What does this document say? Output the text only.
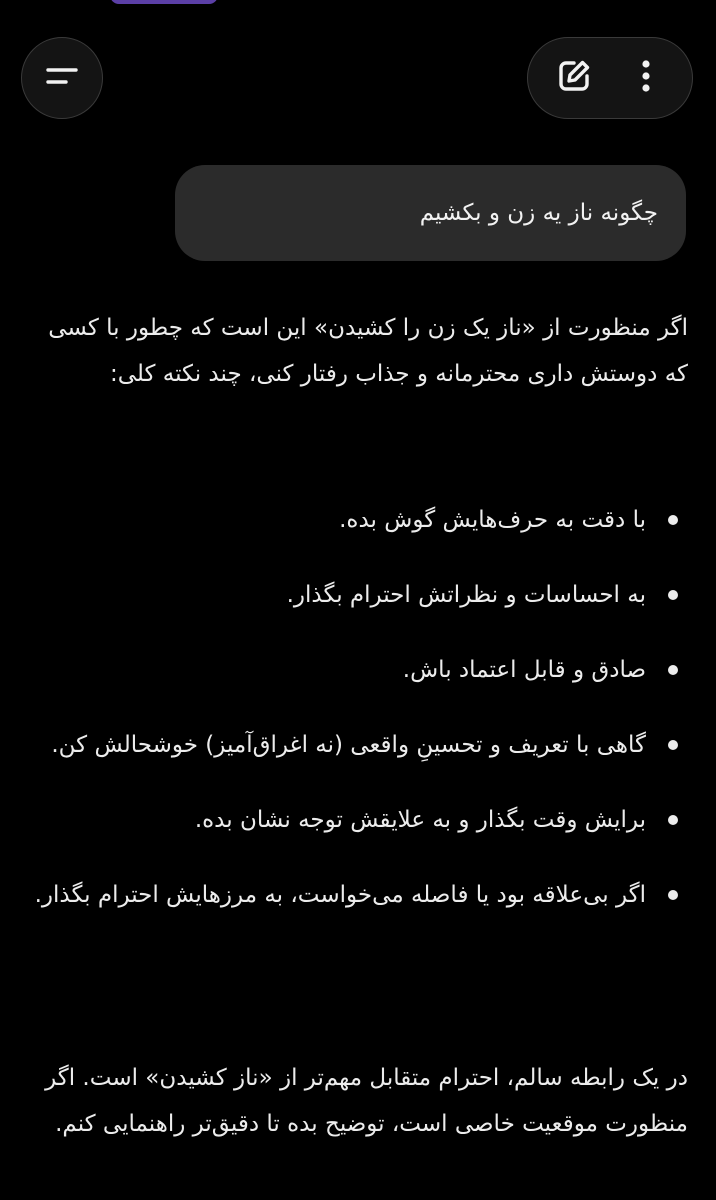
چگونه ناز یه زن و بکشیم
اگر منظورت از «ناز یک زن را کشیدن» این است که چطور با کسی که دوستش داری محترمانه و جذاب رفتار کنی، چند نکته کلی:
با دقت به حرف‌هایش گوش بده.
به احساسات و نظراتش احترام بگذار.
صادق و قابل اعتماد باش.
گاهی با تعریف و تحسینِ واقعی (نه اغراق‌آمیز) خوشحالش کن.
برایش وقت بگذار و به علایقش توجه نشان بده.
اگر بی‌علاقه بود یا فاصله می‌خواست، به مرزهایش احترام بگذار.
در یک رابطه سالم، احترام متقابل مهم‌تر از «ناز کشیدن» است. اگر منظورت موقعیت خاصی است، توضیح بده تا دقیق‌تر راهنمایی کنم.
